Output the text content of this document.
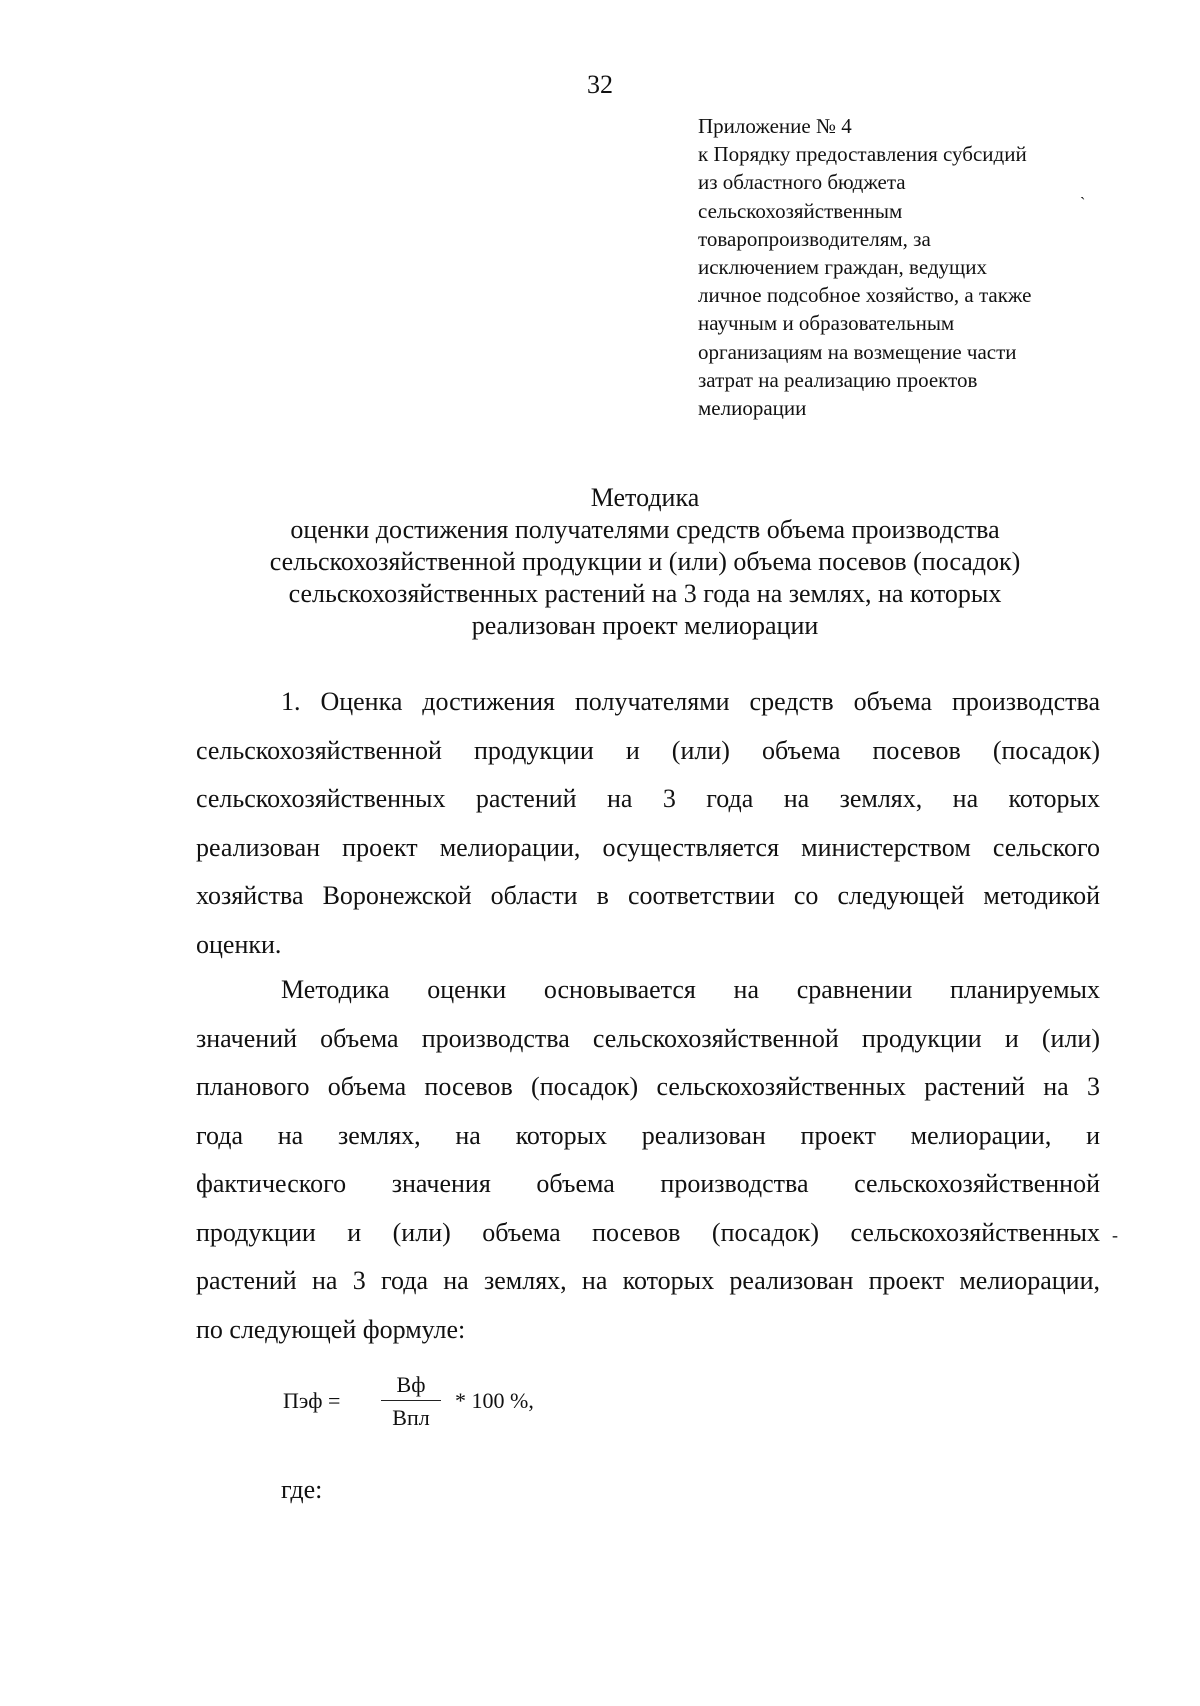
32
Приложение № 4
к Порядку предоставления субсидий
из областного бюджета
сельскохозяйственным
товаропроизводителям, за
исключением граждан, ведущих
личное подсобное хозяйство, а также
научным и образовательным
организациям на возмещение части
затрат на реализацию проектов
мелиорации
`
Методика
оценки достижения получателями средств объема производства
сельскохозяйственной продукции и (или) объема посевов (посадок)
сельскохозяйственных растений на 3 года на землях, на которых
реализован проект мелиорации
1. Оценка достижения получателями средств объема производства
сельскохозяйственной продукции и (или) объема посевов (посадок)
сельскохозяйственных растений на 3 года на землях, на которых
реализован проект мелиорации, осуществляется министерством сельского
хозяйства Воронежской области в соответствии со следующей методикой
оценки.
Методика оценки основывается на сравнении планируемых
значений объема производства сельскохозяйственной продукции и (или)
планового объема посевов (посадок) сельскохозяйственных растений на 3
года на землях, на которых реализован проект мелиорации, и
фактического значения объема производства сельскохозяйственной
продукции и (или) объема посевов (посадок) сельскохозяйственных
растений на 3 года на землях, на которых реализован проект мелиорации,
по следующей формуле:
-
Пэф =
Вф
Впл
* 100 %,
где:
